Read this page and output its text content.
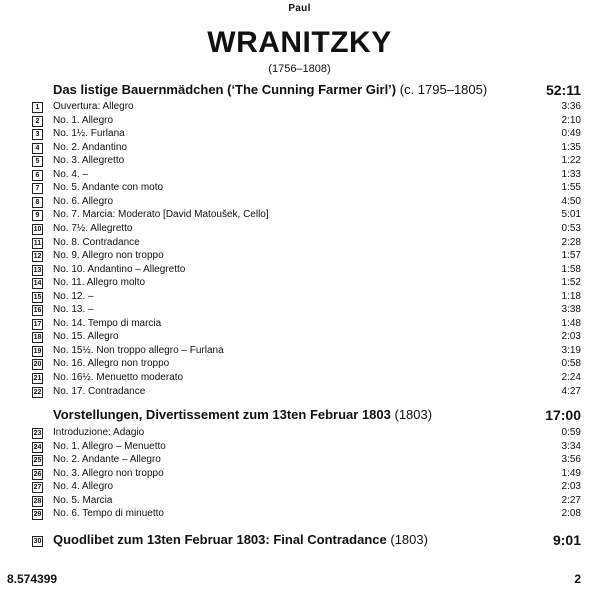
Paul
WRANITZKY
(1756–1808)
Das listige Bauernmädchen (‘The Cunning Farmer Girl’) (c. 1795–1805)	52:11
1	Ouvertura: Allegro	3:36
2	No. 1. Allegro	2:10
3	No. 1½. Furlana	0:49
4	No. 2. Andantino	1:35
5	No. 3. Allegretto	1:22
6	No. 4. –	1:33
7	No. 5. Andante con moto	1:55
8	No. 6. Allegro	4:50
9	No. 7. Marcia: Moderato [David Matoušek, Cello]	5:01
10 No. 7½. Allegretto	0:53
11 No. 8. Contradance	2:28
12 No. 9. Allegro non troppo	1:57
13 No. 10. Andantino – Allegretto	1:58
14 No. 11. Allegro molto	1:52
15 No. 12. –	1:18
16 No. 13. –	3:38
17 No. 14. Tempo di marcia	1:48
18 No. 15. Allegro	2:03
19 No. 15½. Non troppo allegro – Furlana	3:19
20 No. 16. Allegro non troppo	0:58
21 No. 16½. Menuetto moderato	2:24
22 No. 17. Contradance	4:27
Vorstellungen, Divertissement zum 13ten Februar 1803 (1803)	17:00
23 Introduzione: Adagio	0:59
24 No. 1. Allegro – Menuetto	3:34
25 No. 2. Andante – Allegro	3:56
26 No. 3. Allegro non troppo	1:49
27 No. 4. Allegro	2:03
28 No. 5. Marcia	2:27
29 No. 6. Tempo di minuetto	2:08
30 Quodlibet zum 13ten Februar 1803: Final Contradance (1803)	9:01
8.574399	2
